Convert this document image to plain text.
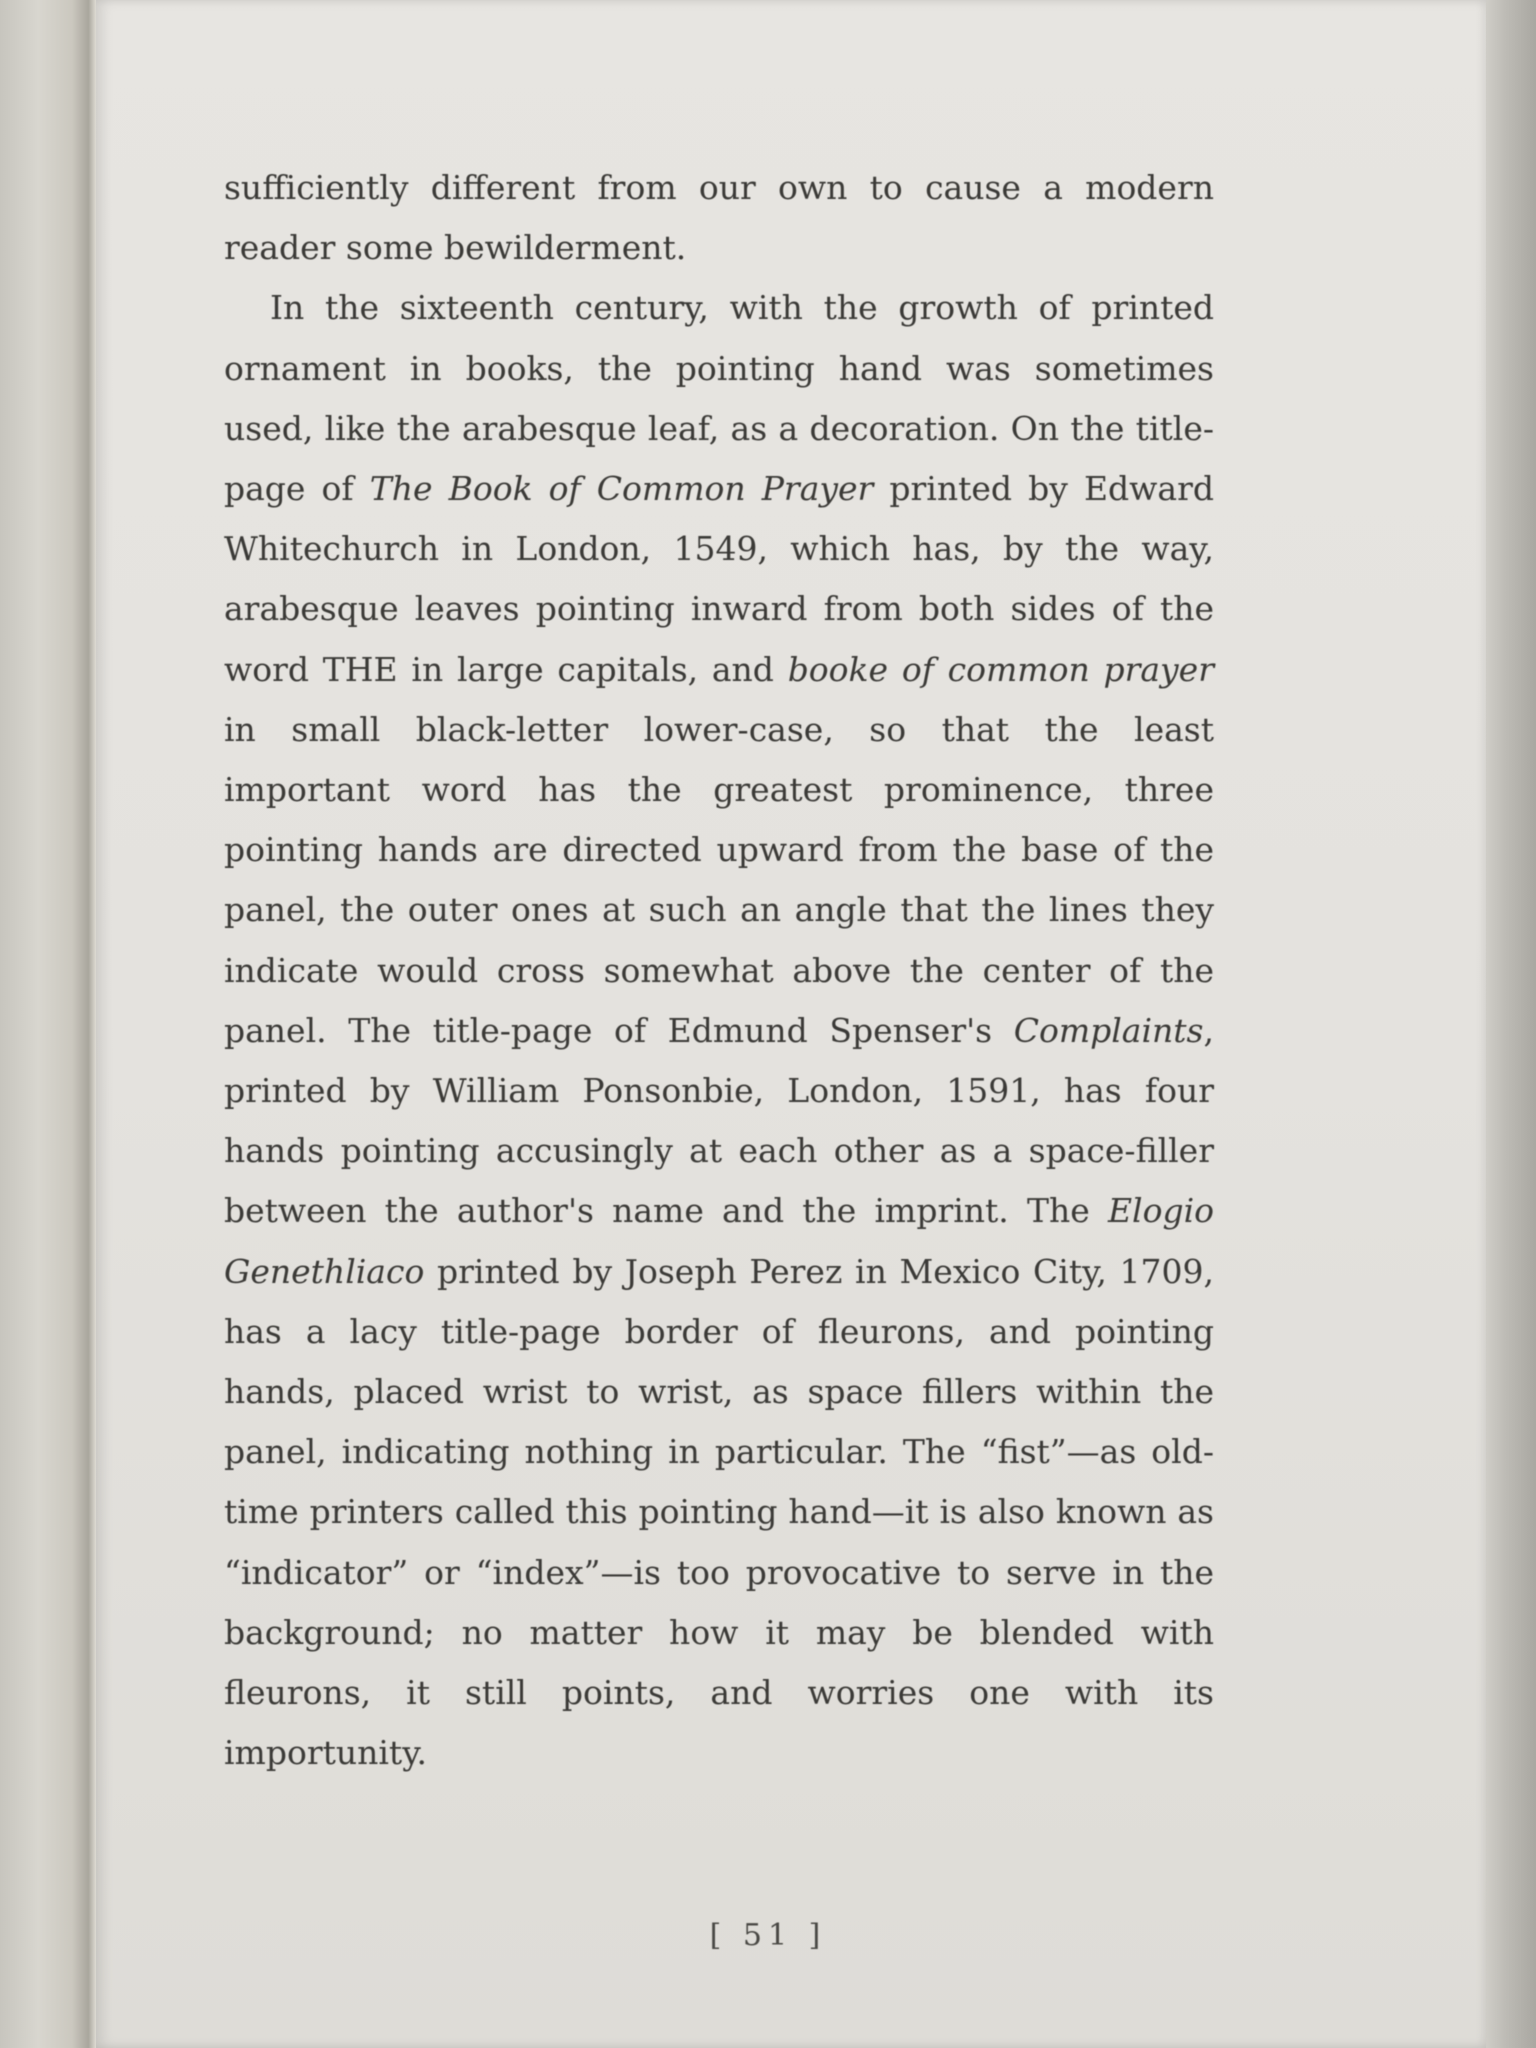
sufficiently different from our own to cause a modern reader some bewilderment.

In the sixteenth century, with the growth of printed ornament in books, the pointing hand was sometimes used, like the arabesque leaf, as a decoration. On the title-page of The Book of Common Prayer printed by Edward Whitechurch in London, 1549, which has, by the way, arabesque leaves pointing inward from both sides of the word THE in large capitals, and booke of common prayer in small black-letter lower-case, so that the least important word has the greatest prominence, three pointing hands are directed upward from the base of the panel, the outer ones at such an angle that the lines they indicate would cross somewhat above the center of the panel. The title-page of Edmund Spenser's Complaints, printed by William Ponsonbie, London, 1591, has four hands pointing accusingly at each other as a space-filler between the author's name and the imprint. The Elogio Genethliaco printed by Joseph Perez in Mexico City, 1709, has a lacy title-page border of fleurons, and pointing hands, placed wrist to wrist, as space fillers within the panel, indicating nothing in particular. The “fist”—as old-time printers called this pointing hand—it is also known as “indicator” or “index”—is too provocative to serve in the background; no matter how it may be blended with fleurons, it still points, and worries one with its importunity.

[ 51 ]
